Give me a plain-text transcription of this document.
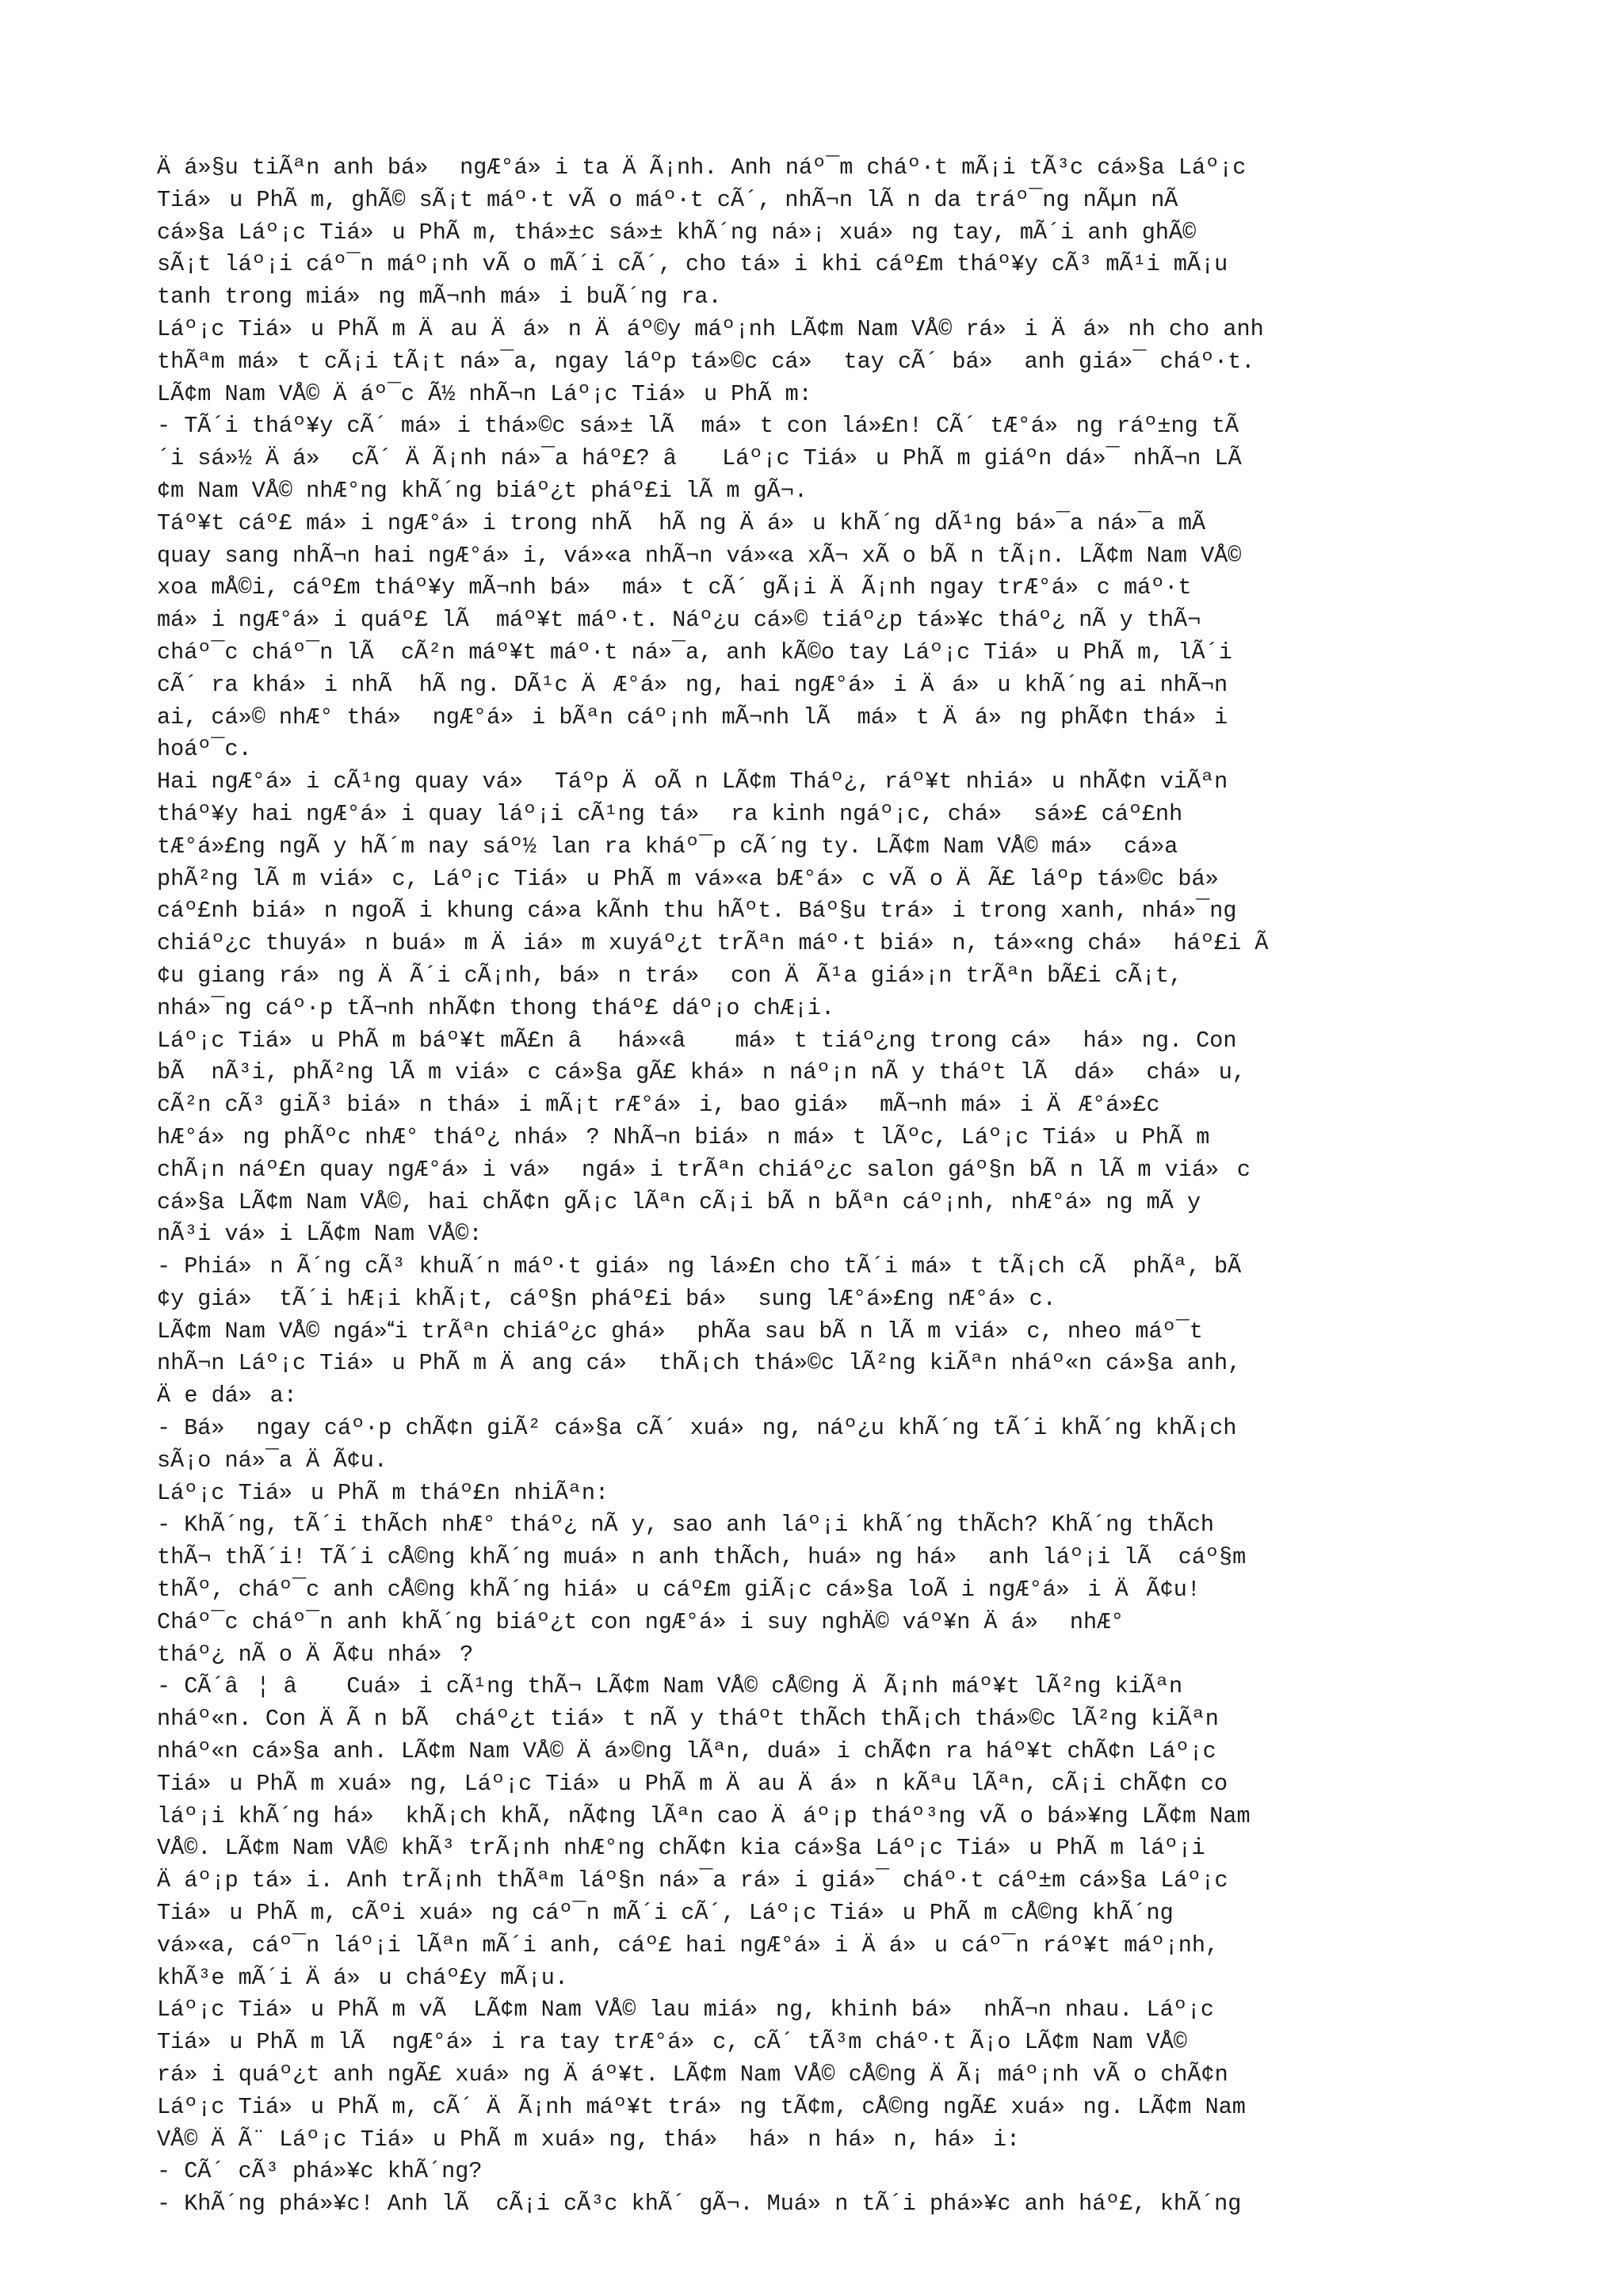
Äá»§u tiÃªn anh bá» ngÆ°á»i ta ÄÃ¡nh. Anh náº¯m cháº·t mÃ¡i tÃ³c cá»§a Láº¡c
Tiá»u PhÃ m, ghÃ© sÃ¡t máº·t vÃ o máº·t cÃ´, nhÃ¬n lÃ n da tráº¯ng nÃµn nÃ
cá»§a Láº¡c Tiá»u PhÃ m, thá»±c sá»± khÃ´ng ná»¡ xuá»ng tay, mÃ´i anh ghÃ©
sÃ¡t láº¡i cáº¯n máº¡nh vÃ o mÃ´i cÃ´, cho tá»i khi cáº£m tháº¥y cÃ³ mÃ¹i mÃ¡u
tanh trong miá»ng mÃ¬nh má»i buÃ´ng ra.
Láº¡c Tiá»u PhÃ m Äau Äá»n Äáº©y máº¡nh LÃ¢m Nam VÅ© rá»i Äá»nh cho anh
thÃªm má»t cÃ¡i tÃ¡t ná»¯a, ngay láºp tá»©c cá» tay cÃ´ bá» anh giá»¯ cháº·t.
LÃ¢m Nam VÅ© Äáº¯c Ã½ nhÃ¬n Láº¡c Tiá»u PhÃ m:
- TÃ´i tháº¥y cÃ´ má»i thá»©c sá»± lÃ  má»t con lá»£n! CÃ´ tÆ°á»ng ráº±ng tÃ
´i sá»½ Äá» cÃ´ ÄÃ¡nh ná»¯a háº£? â Láº¡c Tiá»u PhÃ m giáºn dá»¯ nhÃ¬n LÃ
¢m Nam VÅ© nhÆ°ng khÃ´ng biáº¿t pháº£i lÃ m gÃ¬.
Táº¥t cáº£ má»i ngÆ°á»i trong nhÃ  hÃ ng Äá»u khÃ´ng dÃ¹ng bá»¯a ná»¯a mÃ
quay sang nhÃ¬n hai ngÆ°á»i, vá»«a nhÃ¬n vá»«a xÃ¬ xÃ o bÃ n tÃ¡n. LÃ¢m Nam VÅ©
xoa mÅ©i, cáº£m tháº¥y mÃ¬nh bá» má»t cÃ´ gÃ¡i ÄÃ¡nh ngay trÆ°á»c máº·t
má»i ngÆ°á»i quáº£ lÃ  máº¥t máº·t. Náº¿u cá»© tiáº¿p tá»¥c tháº¿ nÃ y thÃ¬
cháº¯c cháº¯n lÃ  cÃ²n máº¥t máº·t ná»¯a, anh kÃ©o tay Láº¡c Tiá»u PhÃ m, lÃ´i
cÃ´ ra khá»i nhÃ  hÃ ng. DÃ¹c ÄÆ°á»ng, hai ngÆ°á»i Äá»u khÃ´ng ai nhÃ¬n
ai, cá»© nhÆ° thá» ngÆ°á»i bÃªn cáº¡nh mÃ¬nh lÃ  má»t Äá»ng phÃ¢n thá»i
hoáº¯c.
Hai ngÆ°á»i cÃ¹ng quay vá» Táºp ÄoÃ n LÃ¢m Tháº¿, ráº¥t nhiá»u nhÃ¢n viÃªn
tháº¥y hai ngÆ°á»i quay láº¡i cÃ¹ng tá» ra kinh ngáº¡c, chá» sá»£ cáº£nh
tÆ°á»£ng ngÃ y hÃ´m nay sáº½ lan ra kháº¯p cÃ´ng ty. LÃ¢m Nam VÅ© má» cá»a
phÃ²ng lÃ m viá»c, Láº¡c Tiá»u PhÃ m vá»«a bÆ°á»c vÃ o ÄÃ£ láºp tá»©c bá»
cáº£nh biá»n ngoÃ i khung cá»a kÃnh thu hÃºt. Báº§u trá»i trong xanh, nhá»¯ng
chiáº¿c thuyá»n buá»m Äiá»m xuyáº¿t trÃªn máº·t biá»n, tá»«ng chá» háº£i Ã
¢u giang rá»ng ÄÃ´i cÃ¡nh, bá»n trá» con ÄÃ¹a giá»¡n trÃªn bÃ£i cÃ¡t,
nhá»¯ng cáº·p tÃ¬nh nhÃ¢n thong tháº£ dáº¡o chÆ¡i.
Láº¡c Tiá»u PhÃ m báº¥t mÃ£n âhá»«â má»t tiáº¿ng trong cá» há»ng. Con
bÃ  nÃ³i, phÃ²ng lÃ m viá»c cá»§a gÃ£ khá»n náº¡n nÃ y tháºt lÃ  dá» chá»u,
cÃ²n cÃ³ giÃ³ biá»n thá»i mÃ¡t rÆ°á»i, bao giá» mÃ¬nh má»i ÄÆ°á»£c
hÆ°á»ng phÃºc nhÆ° tháº¿ nhá»? NhÃ¬n biá»n má»t lÃºc, Láº¡c Tiá»u PhÃ m
chÃ¡n náº£n quay ngÆ°á»i vá» ngá»i trÃªn chiáº¿c salon gáº§n bÃ n lÃ m viá»c
cá»§a LÃ¢m Nam VÅ©, hai chÃ¢n gÃ¡c lÃªn cÃ¡i bÃ n bÃªn cáº¡nh, nhÆ°á»ng mÃ y
nÃ³i vá»i LÃ¢m Nam VÅ©:
- Phiá»n Ã´ng cÃ³ khuÃ´n máº·t giá»ng lá»£n cho tÃ´i má»t tÃ¡ch cÃ  phÃª, bÃ
¢y giá» tÃ´i hÆ¡i khÃ¡t, cáº§n pháº£i bá» sung lÆ°á»£ng nÆ°á»c.
LÃ¢m Nam VÅ© ngá»i trÃªn chiáº¿c ghá» phÃa sau bÃ n lÃ m viá»c, nheo máº¯t
nhÃ¬n Láº¡c Tiá»u PhÃ m Äang cá» thÃ¡ch thá»©c lÃ²ng kiÃªn nháº«n cá»§a anh,
Äe dá»a:
- Bá» ngay cáº·p chÃ¢n giÃ² cá»§a cÃ´ xuá»ng, náº¿u khÃ´ng tÃ´i khÃ´ng khÃ¡ch
sÃ¡o ná»¯a ÄÃ¢u.
Láº¡c Tiá»u PhÃ m tháº£n nhiÃªn:
- KhÃ´ng, tÃ´i thÃch nhÆ° tháº¿ nÃ y, sao anh láº¡i khÃ´ng thÃch? KhÃ´ng thÃch
thÃ¬ thÃ´i! TÃ´i cÅ©ng khÃ´ng muá»n anh thÃch, huá»ng há» anh láº¡i lÃ  cáº§m
thÃº, cháº¯c anh cÅ©ng khÃ´ng hiá»u cáº£m giÃ¡c cá»§a loÃ i ngÆ°á»i ÄÃ¢u!
Cháº¯c cháº¯n anh khÃ´ng biáº¿t con ngÆ°á»i suy nghÄ© váº¥n Äá» nhÆ°
tháº¿ nÃ o ÄÃ¢u nhá»?
- CÃ´â¦ â Cuá»i cÃ¹ng thÃ¬ LÃ¢m Nam VÅ© cÅ©ng ÄÃ¡nh máº¥t lÃ²ng kiÃªn
nháº«n. Con ÄÃ n bÃ  cháº¿t tiá»t nÃ y tháºt thÃch thÃ¡ch thá»©c lÃ²ng kiÃªn
nháº«n cá»§a anh. LÃ¢m Nam VÅ© Äá»©ng lÃªn, duá»i chÃ¢n ra háº¥t chÃ¢n Láº¡c
Tiá»u PhÃ m xuá»ng, Láº¡c Tiá»u PhÃ m Äau Äá»n kÃªu lÃªn, cÃ¡i chÃ¢n co
láº¡i khÃ´ng há» khÃ¡ch khÃ, nÃ¢ng lÃªn cao Äáº¡p tháº³ng vÃ o bá»¥ng LÃ¢m Nam
VÅ©. LÃ¢m Nam VÅ© khÃ³ trÃ¡nh nhÆ°ng chÃ¢n kia cá»§a Láº¡c Tiá»u PhÃ m láº¡i
Äáº¡p tá»i. Anh trÃ¡nh thÃªm láº§n ná»¯a rá»i giá»¯ cháº·t cáº±m cá»§a Láº¡c
Tiá»u PhÃ m, cÃºi xuá»ng cáº¯n mÃ´i cÃ´, Láº¡c Tiá»u PhÃ m cÅ©ng khÃ´ng
vá»«a, cáº¯n láº¡i lÃªn mÃ´i anh, cáº£ hai ngÆ°á»i Äá»u cáº¯n ráº¥t máº¡nh,
khÃ³e mÃ´i Äá»u cháº£y mÃ¡u.
Láº¡c Tiá»u PhÃ m vÃ  LÃ¢m Nam VÅ© lau miá»ng, khinh bá» nhÃ¬n nhau. Láº¡c
Tiá»u PhÃ m lÃ  ngÆ°á»i ra tay trÆ°á»c, cÃ´ tÃ³m cháº·t Ã¡o LÃ¢m Nam VÅ©
rá»i quáº¿t anh ngÃ£ xuá»ng Äáº¥t. LÃ¢m Nam VÅ© cÅ©ng ÄÃ¡ máº¡nh vÃ o chÃ¢n
Láº¡c Tiá»u PhÃ m, cÃ´ ÄÃ¡nh máº¥t trá»ng tÃ¢m, cÅ©ng ngÃ£ xuá»ng. LÃ¢m Nam
VÅ© ÄÃ¨ Láº¡c Tiá»u PhÃ m xuá»ng, thá» há»n há»n, há»i:
- CÃ´ cÃ³ phá»¥c khÃ´ng?
- KhÃ´ng phá»¥c! Anh lÃ  cÃ¡i cÃ³c khÃ´ gÃ¬. Muá»n tÃ´i phá»¥c anh háº£, khÃ´ng
